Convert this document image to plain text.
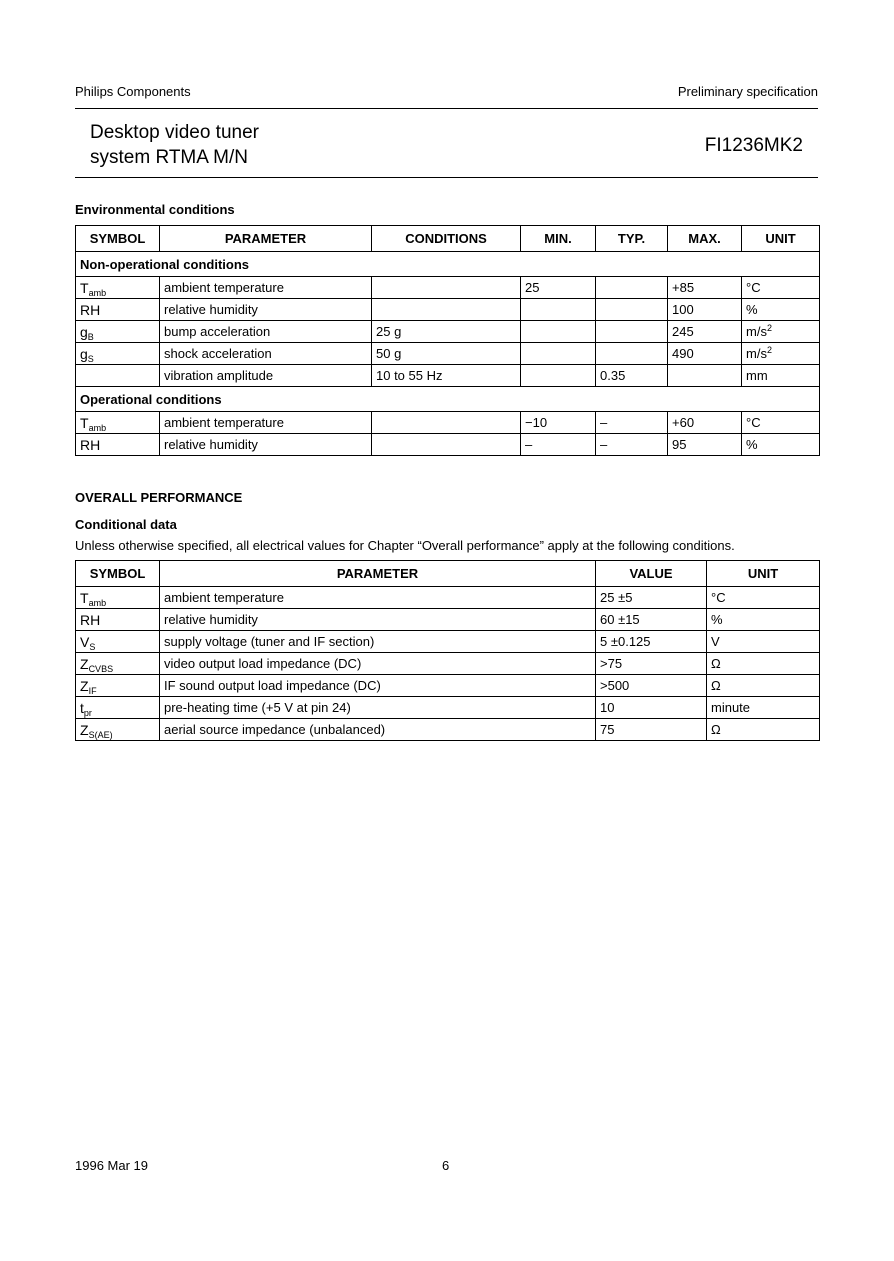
Philips Components	Preliminary specification
Desktop video tuner
system RTMA M/N
FI1236MK2
Environmental conditions
SYMBOL	PARAMETER	CONDITIONS	MIN.	TYP.	MAX.	UNIT
Non-operational conditions						
$T_{amb}$	ambient temperature		25		+85	°C
RH	relative humidity				100	%
$g_B$	bump acceleration	25 g			245	$m/s^2$
$g_S$	shock acceleration	50 g			490	$m/s^2$
	vibration amplitude	10 to 55 Hz		0.35		mm
Operational conditions						
$T_{amb}$	ambient temperature		−10	–	+60	°C
RH	relative humidity		–	–	95	%
OVERALL PERFORMANCE
Conditional data
Unless otherwise specified, all electrical values for Chapter “Overall performance” apply at the following conditions.
SYMBOL	PARAMETER	VALUE	UNIT
$T_{amb}$	ambient temperature	25 ±5	°C
RH	relative humidity	60 ±15	%
$V_S$	supply voltage (tuner and IF section)	5 ±0.125	V
$Z_{CVBS}$	video output load impedance (DC)	>75	Ω
$Z_{IF}$	IF sound output load impedance (DC)	>500	Ω
$t_{pr}$	pre-heating time (+5 V at pin 24)	10	minute
$Z_{S(AE)}$	aerial source impedance (unbalanced)	75	Ω
1996 Mar 19	6
